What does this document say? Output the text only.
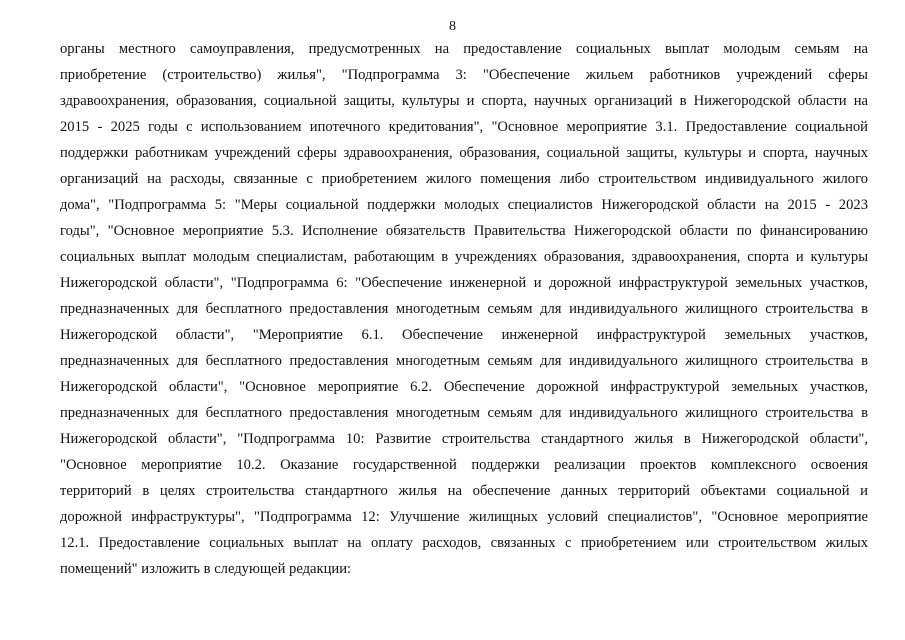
8
органы местного самоуправления, предусмотренных на предоставление социальных выплат молодым семьям на
приобретение (строительство) жилья", "Подпрограмма 3: "Обеспечение жильем работников учреждений сферы
здравоохранения, образования, социальной защиты, культуры и спорта, научных организаций в Нижегородской области на
2015 - 2025 годы с использованием ипотечного кредитования", "Основное мероприятие 3.1. Предоставление социальной
поддержки работникам учреждений сферы здравоохранения, образования, социальной защиты, культуры и спорта, научных
организаций на расходы, связанные с приобретением жилого помещения либо строительством индивидуального жилого
дома", "Подпрограмма 5: "Меры социальной поддержки молодых специалистов Нижегородской области на 2015 - 2023
годы", "Основное мероприятие 5.3. Исполнение обязательств Правительства Нижегородской области по финансированию
социальных выплат молодым специалистам, работающим в учреждениях образования, здравоохранения, спорта и культуры
Нижегородской области", "Подпрограмма 6: "Обеспечение инженерной и дорожной инфраструктурой земельных участков,
предназначенных для бесплатного предоставления многодетным семьям для индивидуального жилищного строительства в
Нижегородской области", "Мероприятие 6.1. Обеспечение инженерной инфраструктурой земельных участков,
предназначенных для бесплатного предоставления многодетным семьям для индивидуального жилищного строительства в
Нижегородской области", "Основное мероприятие 6.2. Обеспечение дорожной инфраструктурой земельных участков,
предназначенных для бесплатного предоставления многодетным семьям для индивидуального жилищного строительства в
Нижегородской области", "Подпрограмма 10: Развитие строительства стандартного жилья в Нижегородской области",
"Основное мероприятие 10.2. Оказание государственной поддержки реализации проектов комплексного освоения
территорий в целях строительства стандартного жилья на обеспечение данных территорий объектами социальной и
дорожной инфраструктуры", "Подпрограмма 12: Улучшение жилищных условий специалистов", "Основное мероприятие
12.1. Предоставление социальных выплат на оплату расходов, связанных с приобретением или строительством жилых
помещений" изложить в следующей редакции:
